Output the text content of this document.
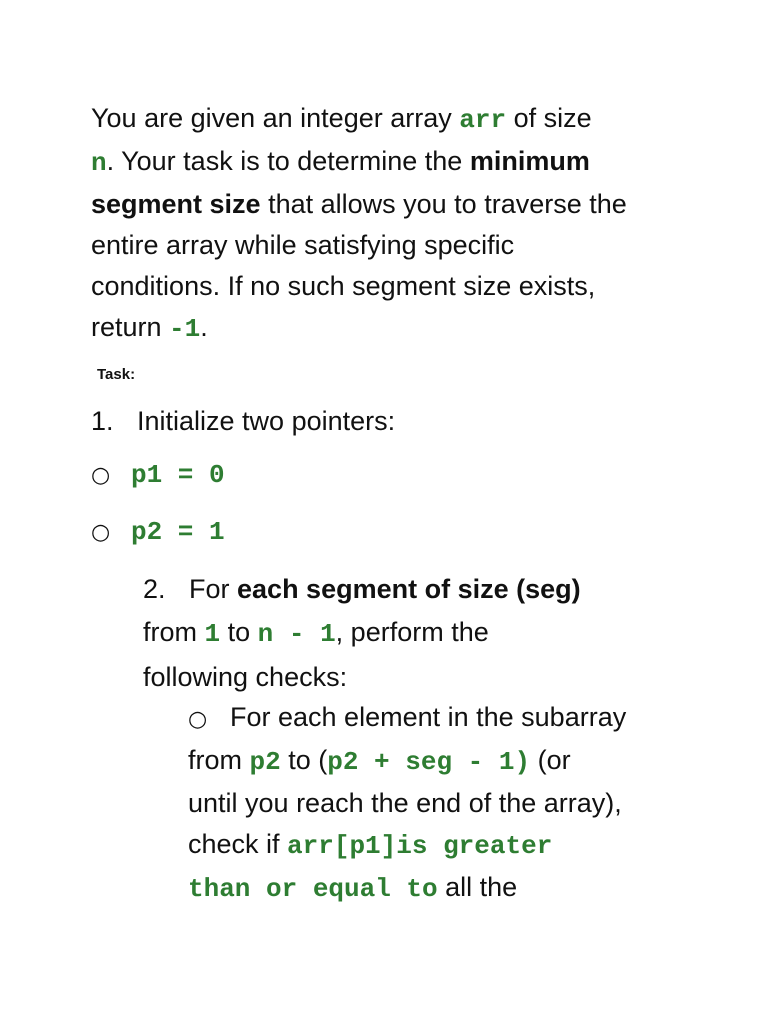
You are given an integer array arr of size
n. Your task is to determine the minimum
segment size that allows you to traverse the
entire array while satisfying specific
conditions. If no such segment size exists,
return -1.
Task:
1. Initialize two pointers:
○ p1 = 0
○ p2 = 1
2. For each segment of size (seg)
from 1 to n - 1, perform the
following checks:
○ For each element in the subarray
from p2 to (p2 + seg - 1) (or
until you reach the end of the array),
check if arr[p1]is greater
than or equal to all the
